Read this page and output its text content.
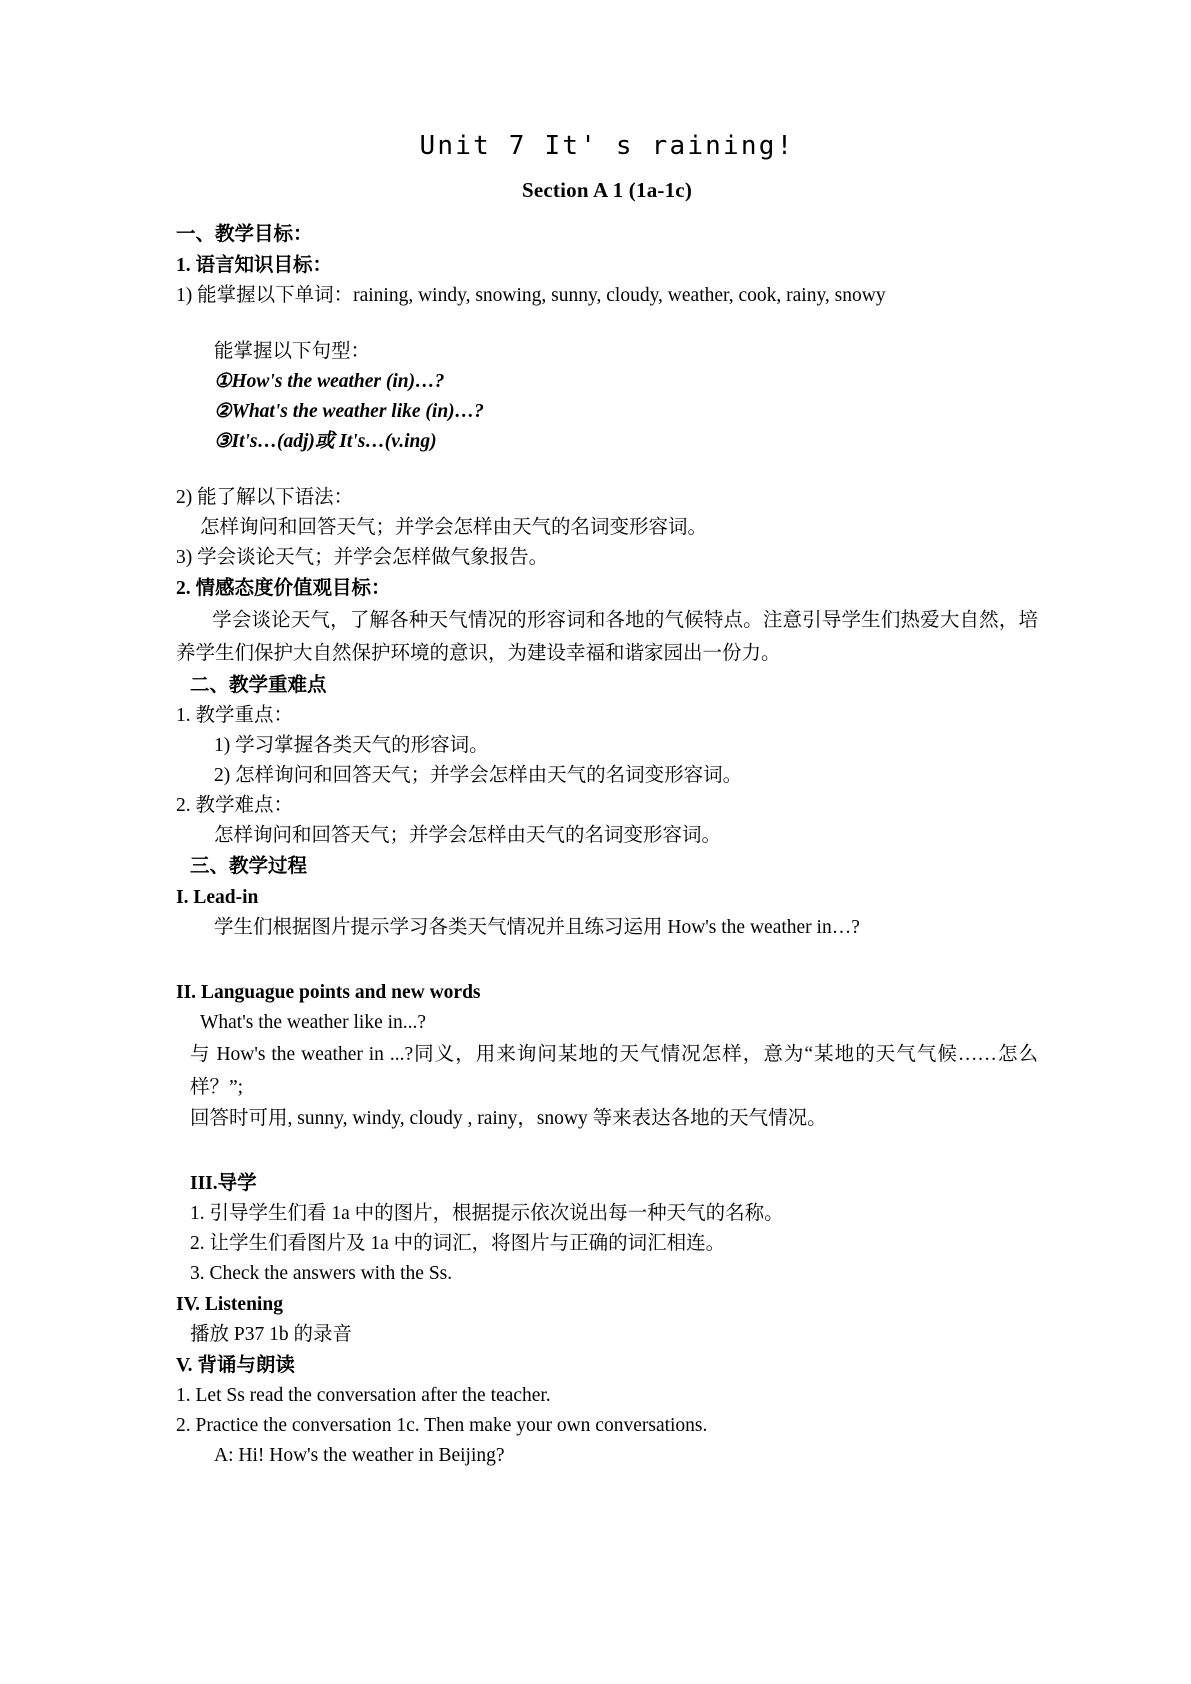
Unit 7 It' s raining!
Section A 1 (1a-1c)
一、教学目标：
1. 语言知识目标：
1) 能掌握以下单词：raining, windy, snowing, sunny, cloudy, weather, cook, rainy, snowy
能掌握以下句型：
①How's the weather (in)…?
②What's the weather like (in)…?
③It's…(adj)或 It's…(v.ing)
2) 能了解以下语法：
怎样询问和回答天气；并学会怎样由天气的名词变形容词。
3) 学会谈论天气；并学会怎样做气象报告。
2. 情感态度价值观目标：
学会谈论天气，了解各种天气情况的形容词和各地的气候特点。注意引导学生们热爱大自然，培养学生们保护大自然保护环境的意识，为建设幸福和谐家园出一份力。
二、教学重难点
1. 教学重点：
1) 学习掌握各类天气的形容词。
2) 怎样询问和回答天气；并学会怎样由天气的名词变形容词。
2. 教学难点：
怎样询问和回答天气；并学会怎样由天气的名词变形容词。
三、教学过程
I. Lead-in
学生们根据图片提示学习各类天气情况并且练习运用 How's the weather in…?
II. Languague points and new words
What's the weather like in...?
与 How's the weather in ...?同义，用来询问某地的天气情况怎样，意为“某地的天气气候……怎么样？”;
回答时可用, sunny, windy, cloudy , rainy，snowy 等来表达各地的天气情况。
III.导学
1. 引导学生们看 1a 中的图片，根据提示依次说出每一种天气的名称。
2. 让学生们看图片及 1a 中的词汇，将图片与正确的词汇相连。
3. Check the answers with the Ss.
IV. Listening
播放 P37 1b 的录音
V. 背诵与朗读
1. Let Ss read the conversation after the teacher.
2. Practice the conversation 1c. Then make your own conversations.
A: Hi! How's the weather in Beijing?
